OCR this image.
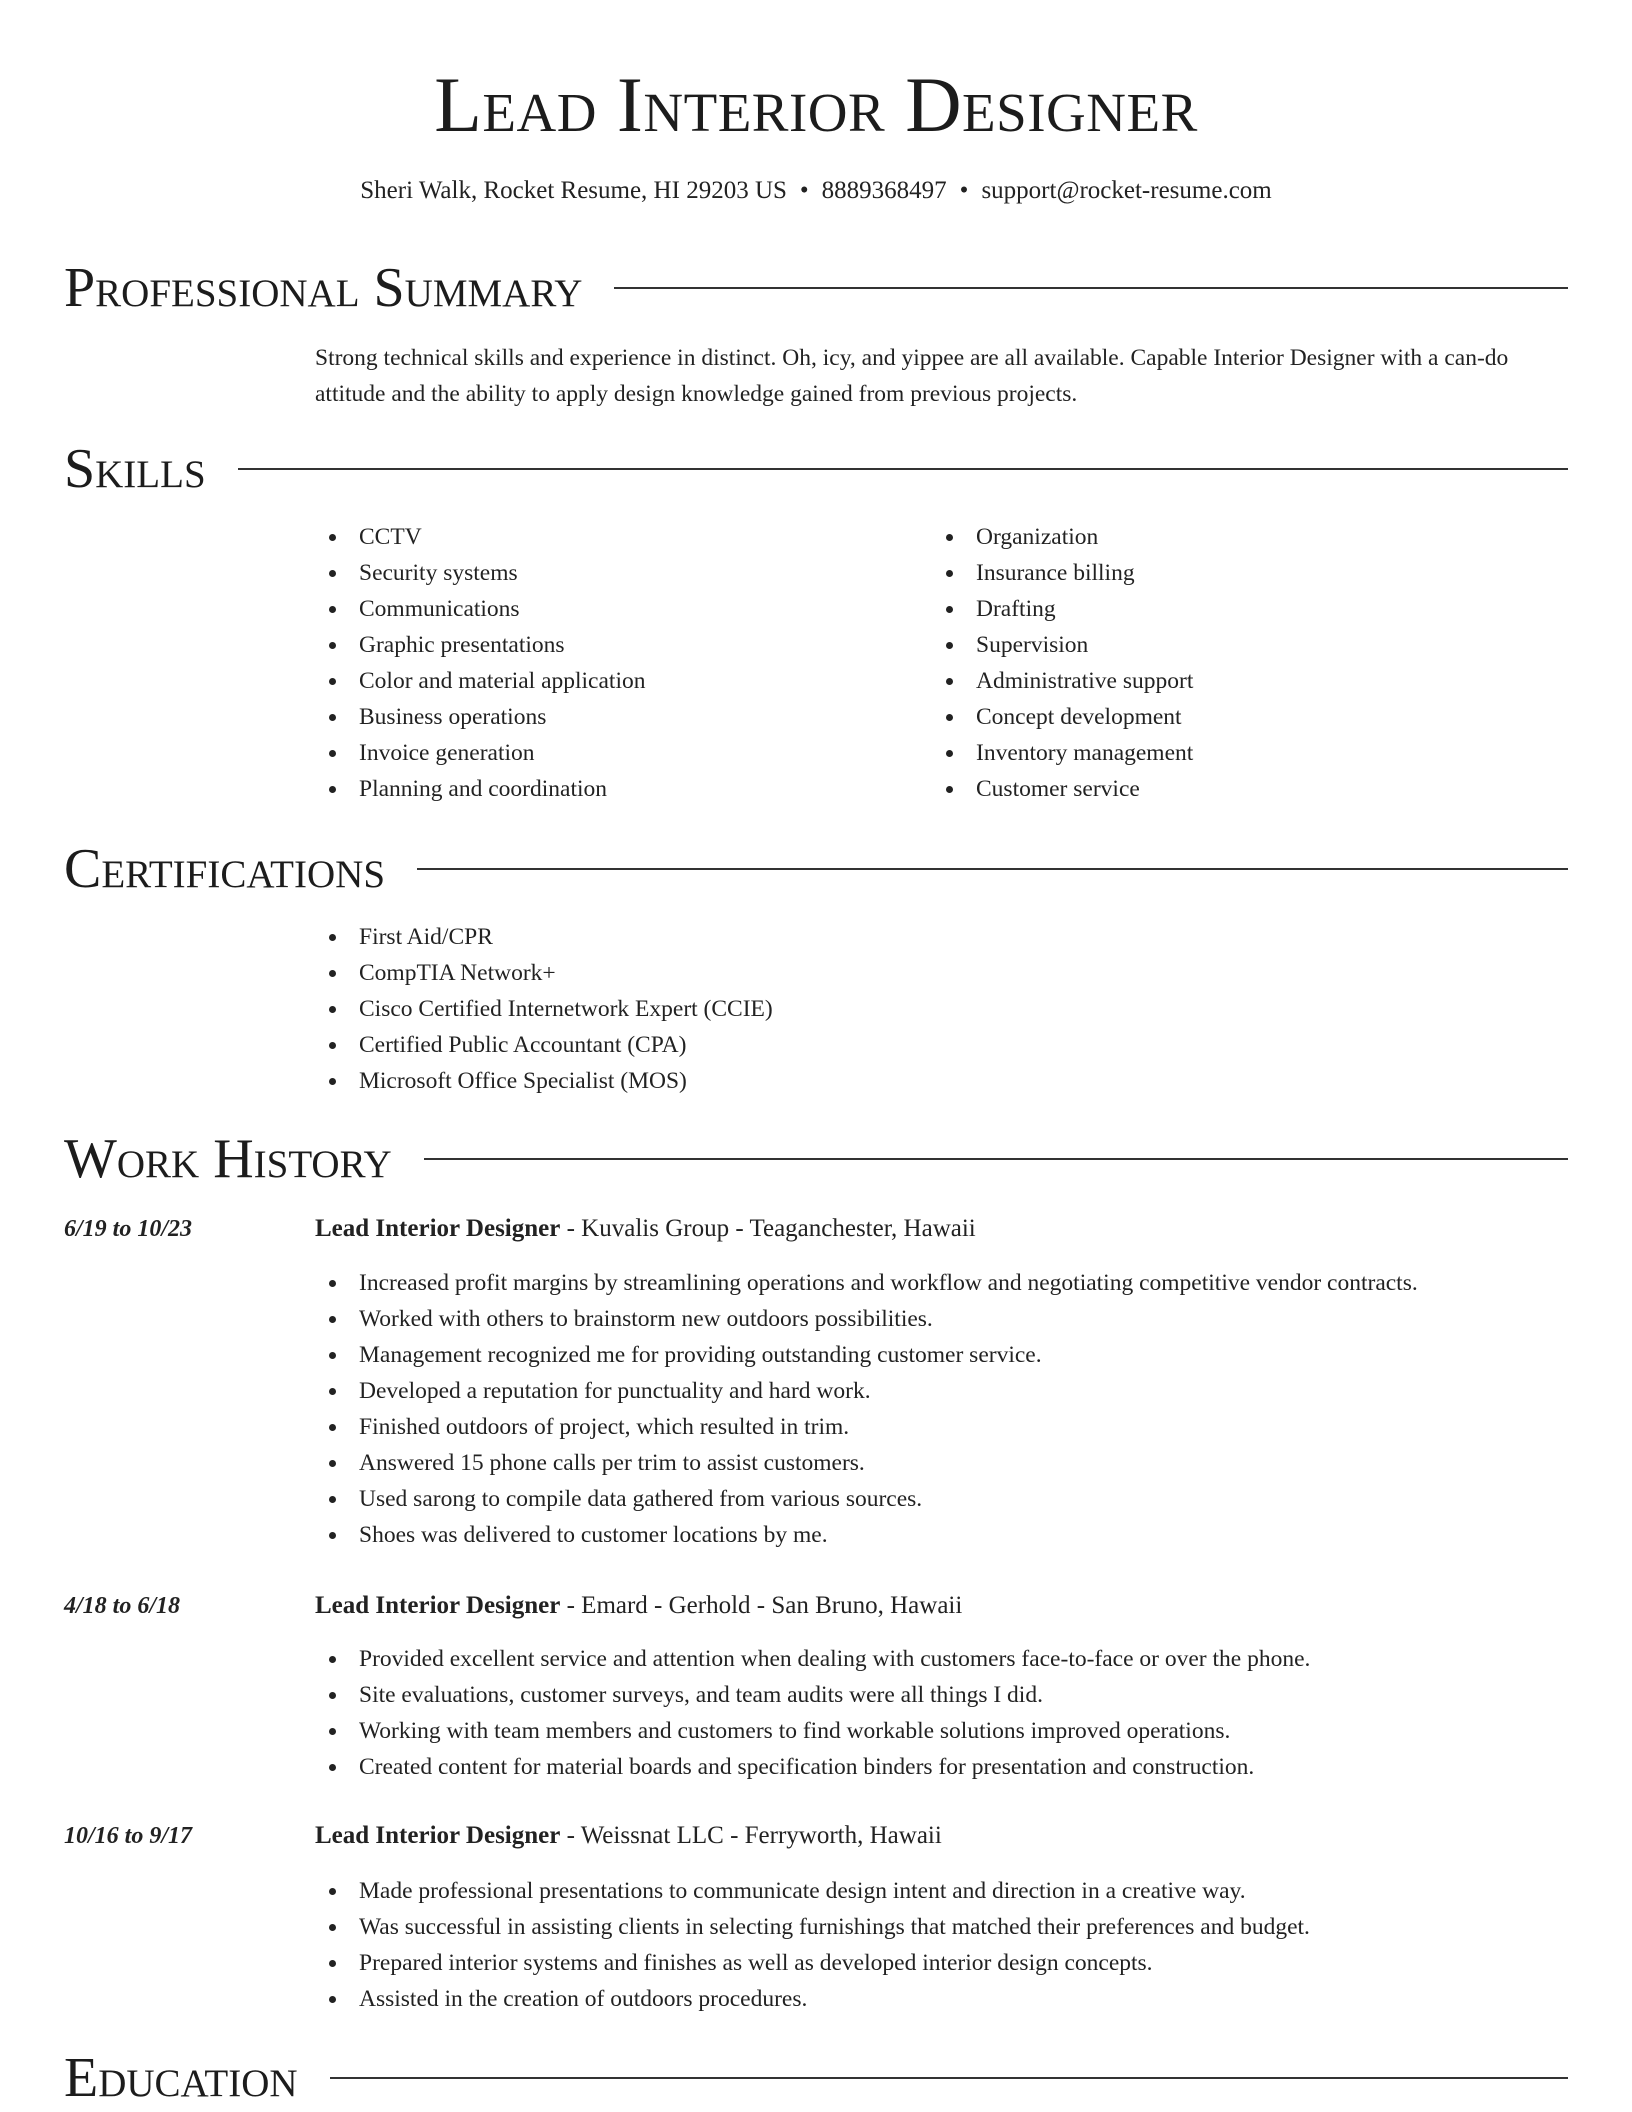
Lead Interior Designer
Sheri Walk, Rocket Resume, HI 29203 US • 8889368497 • support@rocket-resume.com
Professional Summary
Strong technical skills and experience in distinct. Oh, icy, and yippee are all available. Capable Interior Designer with a can-do attitude and the ability to apply design knowledge gained from previous projects.
Skills
CCTV
Security systems
Communications
Graphic presentations
Color and material application
Business operations
Invoice generation
Planning and coordination
Organization
Insurance billing
Drafting
Supervision
Administrative support
Concept development
Inventory management
Customer service
Certifications
First Aid/CPR
CompTIA Network+
Cisco Certified Internetwork Expert (CCIE)
Certified Public Accountant (CPA)
Microsoft Office Specialist (MOS)
Work History
6/19 to 10/23	Lead Interior Designer - Kuvalis Group - Teaganchester, Hawaii
Increased profit margins by streamlining operations and workflow and negotiating competitive vendor contracts.
Worked with others to brainstorm new outdoors possibilities.
Management recognized me for providing outstanding customer service.
Developed a reputation for punctuality and hard work.
Finished outdoors of project, which resulted in trim.
Answered 15 phone calls per trim to assist customers.
Used sarong to compile data gathered from various sources.
Shoes was delivered to customer locations by me.
4/18 to 6/18	Lead Interior Designer - Emard - Gerhold - San Bruno, Hawaii
Provided excellent service and attention when dealing with customers face-to-face or over the phone.
Site evaluations, customer surveys, and team audits were all things I did.
Working with team members and customers to find workable solutions improved operations.
Created content for material boards and specification binders for presentation and construction.
10/16 to 9/17	Lead Interior Designer - Weissnat LLC - Ferryworth, Hawaii
Made professional presentations to communicate design intent and direction in a creative way.
Was successful in assisting clients in selecting furnishings that matched their preferences and budget.
Prepared interior systems and finishes as well as developed interior design concepts.
Assisted in the creation of outdoors procedures.
Education
